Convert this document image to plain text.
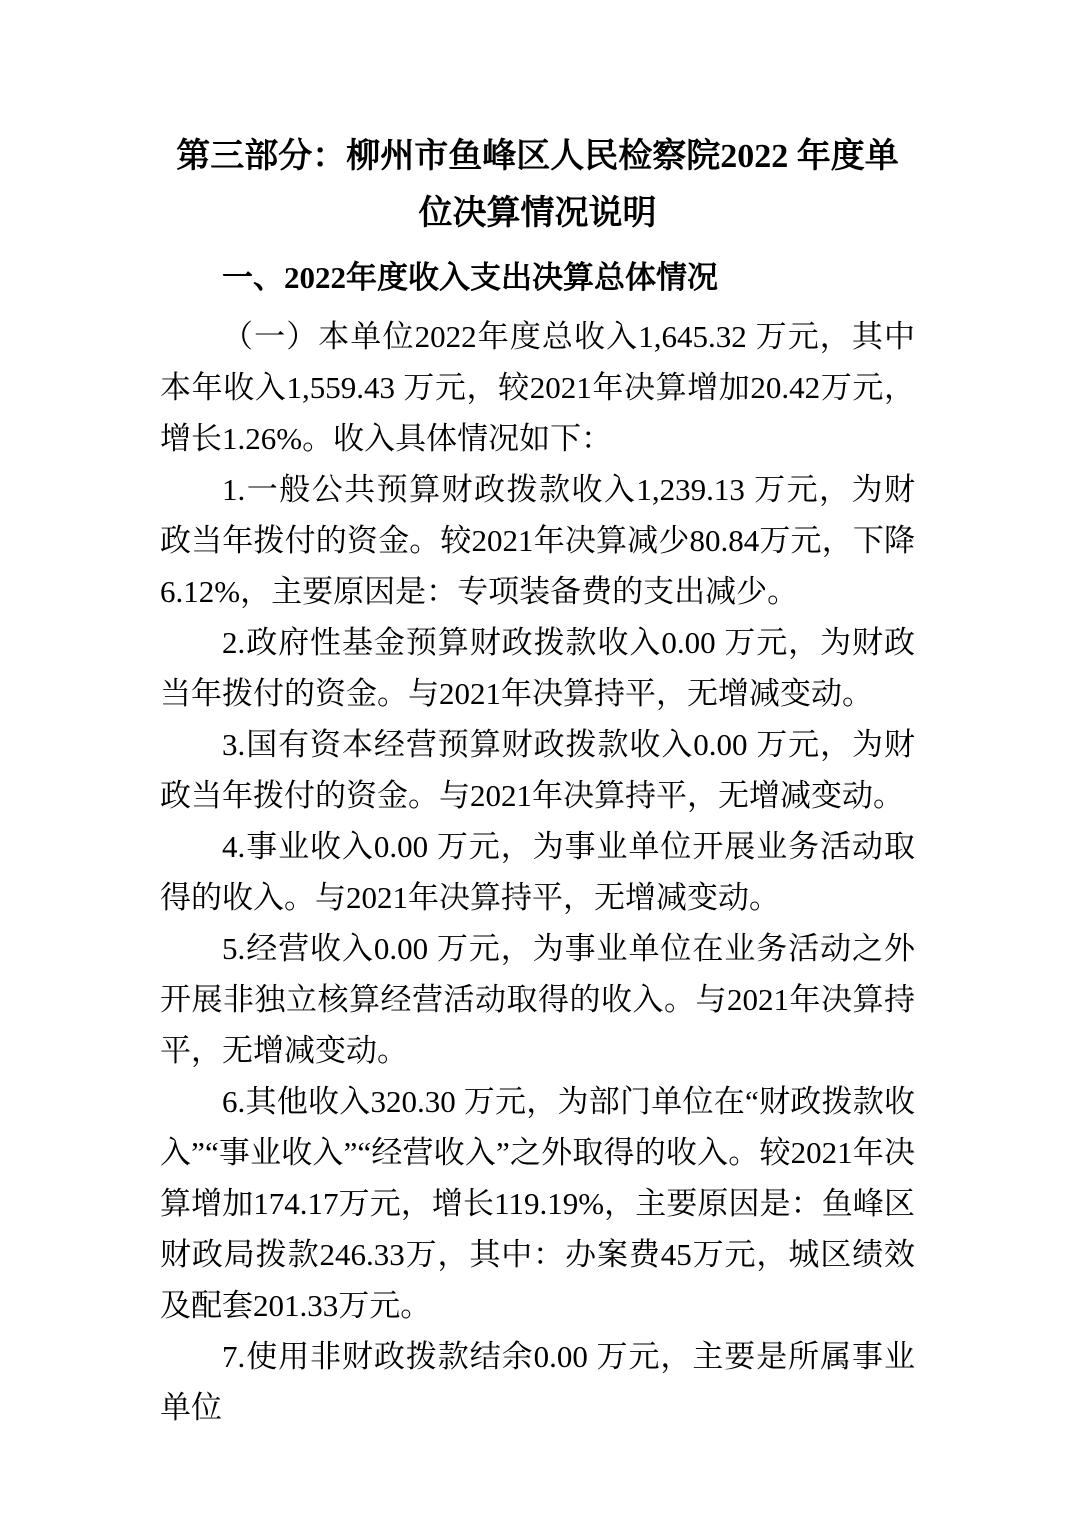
第三部分：柳州市鱼峰区人民检察院2022 年度单
位决算情况说明
一、2022年度收入支出决算总体情况

（一）本单位2022年度总收入1,645.32 万元，其中本年收入1,559.43 万元，较2021年决算增加20.42万元，增长1.26%。收入具体情况如下：

1.一般公共预算财政拨款收入1,239.13 万元，为财政当年拨付的资金。较2021年决算减少80.84万元，下降6.12%，主要原因是：专项装备费的支出减少。

2.政府性基金预算财政拨款收入0.00 万元，为财政当年拨付的资金。与2021年决算持平，无增减变动。

3.国有资本经营预算财政拨款收入0.00 万元，为财政当年拨付的资金。与2021年决算持平，无增减变动。

4.事业收入0.00 万元，为事业单位开展业务活动取得的收入。与2021年决算持平，无增减变动。

5.经营收入0.00 万元，为事业单位在业务活动之外开展非独立核算经营活动取得的收入。与2021年决算持平，无增减变动。

6.其他收入320.30 万元，为部门单位在“财政拨款收入”“事业收入”“经营收入”之外取得的收入。较2021年决算增加174.17万元，增长119.19%，主要原因是：鱼峰区财政局拨款246.33万，其中：办案费45万元，城区绩效及配套201.33万元。

7.使用非财政拨款结余0.00 万元，主要是所属事业单位
